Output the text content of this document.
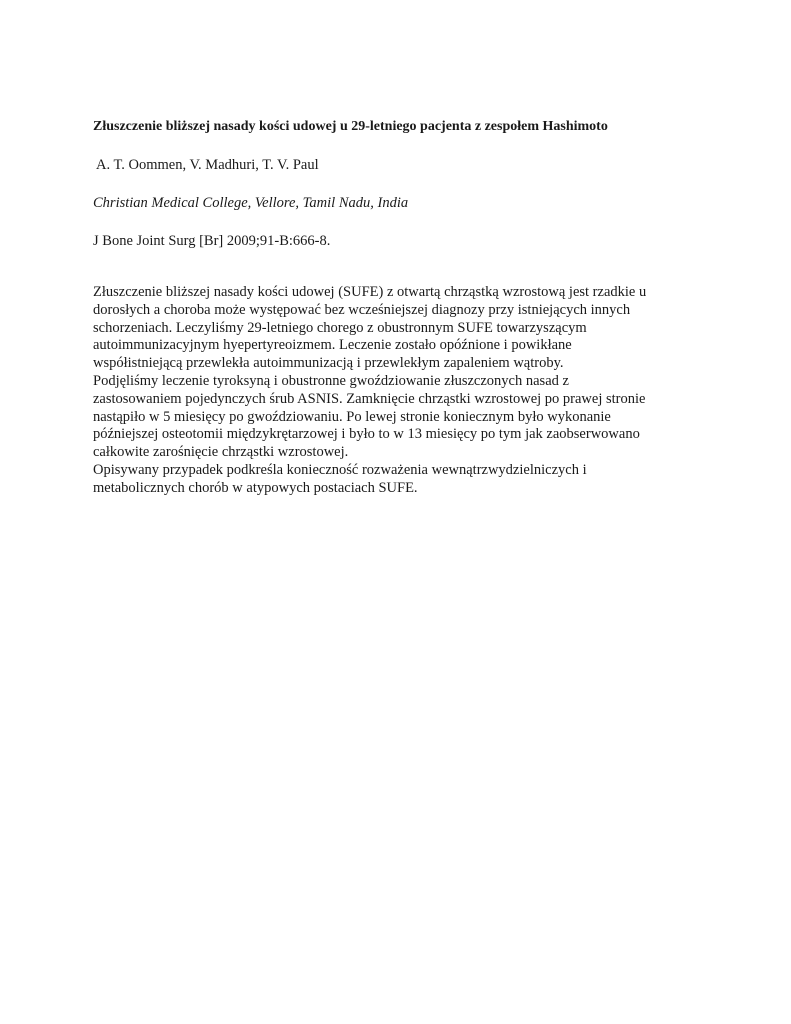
Złuszczenie bliższej nasady kości udowej u 29-letniego pacjenta z zespołem Hashimoto

A. T. Oommen, V. Madhuri, T. V. Paul

Christian Medical College, Vellore, Tamil Nadu, India

J Bone Joint Surg [Br] 2009;91-B:666-8.

Złuszczenie bliższej nasady kości udowej (SUFE) z otwartą chrząstką wzrostową jest rzadkie u
dorosłych a choroba może występować bez wcześniejszej diagnozy przy istniejących innych
schorzeniach. Leczyliśmy 29-letniego chorego z obustronnym SUFE towarzyszącym
autoimmunizacyjnym hyepertyreoizmem. Leczenie zostało opóźnione i powikłane
współistniejącą przewlekła autoimmunizacją i przewlekłym zapaleniem wątroby.
Podjęliśmy leczenie tyroksyną i obustronne gwoździowanie złuszczonych nasad z
zastosowaniem pojedynczych śrub ASNIS. Zamknięcie chrząstki wzrostowej po prawej stronie
nastąpiło w 5 miesięcy po gwoździowaniu. Po lewej stronie koniecznym było wykonanie
późniejszej osteotomii międzykrętarzowej i było to w 13 miesięcy po tym jak zaobserwowano
całkowite zarośnięcie chrząstki wzrostowej.
Opisywany przypadek podkreśla konieczność rozważenia wewnątrzwydzielniczych i
metabolicznych chorób w atypowych postaciach SUFE.
